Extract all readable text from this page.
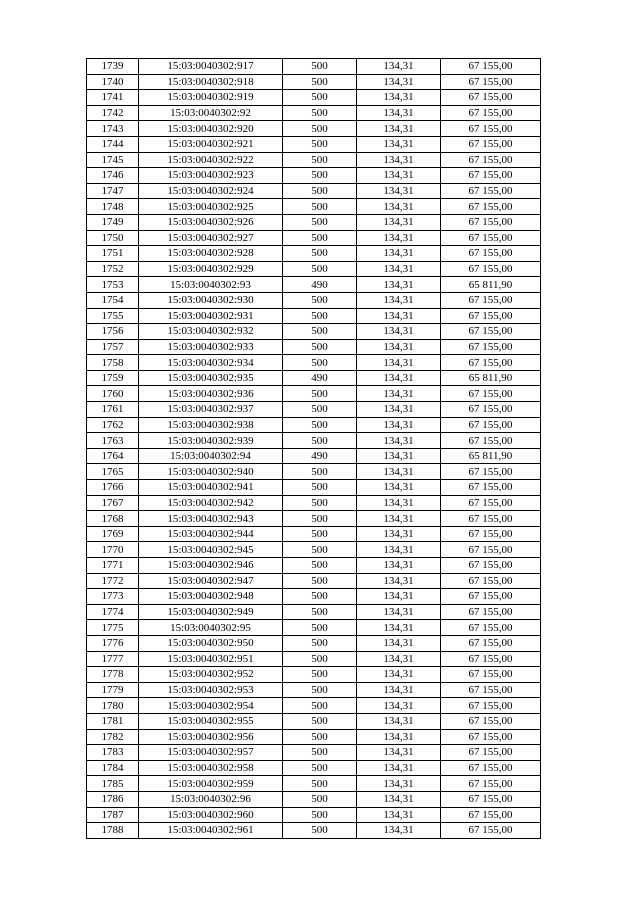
1739	15:03:0040302:917	500	134,31	67 155,00
1740	15:03:0040302:918	500	134,31	67 155,00
1741	15:03:0040302:919	500	134,31	67 155,00
1742	15:03:0040302:92	500	134,31	67 155,00
1743	15:03:0040302:920	500	134,31	67 155,00
1744	15:03:0040302:921	500	134,31	67 155,00
1745	15:03:0040302:922	500	134,31	67 155,00
1746	15:03:0040302:923	500	134,31	67 155,00
1747	15:03:0040302:924	500	134,31	67 155,00
1748	15:03:0040302:925	500	134,31	67 155,00
1749	15:03:0040302:926	500	134,31	67 155,00
1750	15:03:0040302:927	500	134,31	67 155,00
1751	15:03:0040302:928	500	134,31	67 155,00
1752	15:03:0040302:929	500	134,31	67 155,00
1753	15:03:0040302:93	490	134,31	65 811,90
1754	15:03:0040302:930	500	134,31	67 155,00
1755	15:03:0040302:931	500	134,31	67 155,00
1756	15:03:0040302:932	500	134,31	67 155,00
1757	15:03:0040302:933	500	134,31	67 155,00
1758	15:03:0040302:934	500	134,31	67 155,00
1759	15:03:0040302:935	490	134,31	65 811,90
1760	15:03:0040302:936	500	134,31	67 155,00
1761	15:03:0040302:937	500	134,31	67 155,00
1762	15:03:0040302:938	500	134,31	67 155,00
1763	15:03:0040302:939	500	134,31	67 155,00
1764	15:03:0040302:94	490	134,31	65 811,90
1765	15:03:0040302:940	500	134,31	67 155,00
1766	15:03:0040302:941	500	134,31	67 155,00
1767	15:03:0040302:942	500	134,31	67 155,00
1768	15:03:0040302:943	500	134,31	67 155,00
1769	15:03:0040302:944	500	134,31	67 155,00
1770	15:03:0040302:945	500	134,31	67 155,00
1771	15:03:0040302:946	500	134,31	67 155,00
1772	15:03:0040302:947	500	134,31	67 155,00
1773	15:03:0040302:948	500	134,31	67 155,00
1774	15:03:0040302:949	500	134,31	67 155,00
1775	15:03:0040302:95	500	134,31	67 155,00
1776	15:03:0040302:950	500	134,31	67 155,00
1777	15:03:0040302:951	500	134,31	67 155,00
1778	15:03:0040302:952	500	134,31	67 155,00
1779	15:03:0040302:953	500	134,31	67 155,00
1780	15:03:0040302:954	500	134,31	67 155,00
1781	15:03:0040302:955	500	134,31	67 155,00
1782	15:03:0040302:956	500	134,31	67 155,00
1783	15:03:0040302:957	500	134,31	67 155,00
1784	15:03:0040302:958	500	134,31	67 155,00
1785	15:03:0040302:959	500	134,31	67 155,00
1786	15:03:0040302:96	500	134,31	67 155,00
1787	15:03:0040302:960	500	134,31	67 155,00
1788	15:03:0040302:961	500	134,31	67 155,00
